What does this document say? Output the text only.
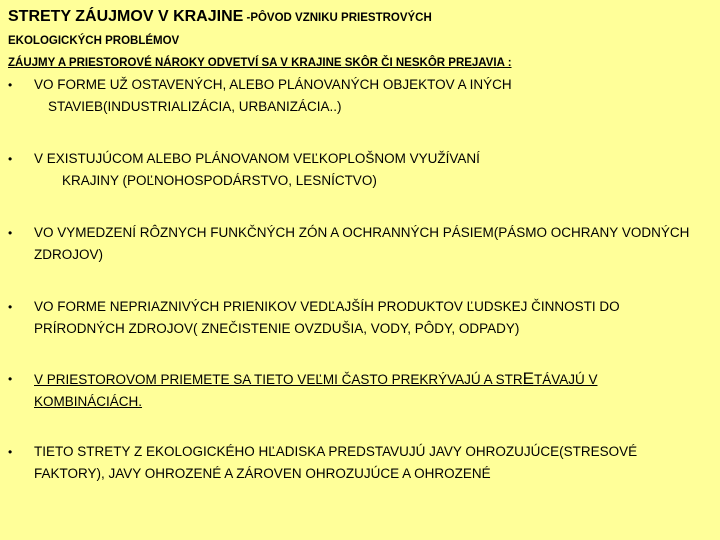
STRETY ZÁUJMOV V KRAJINE -PÔVOD VZNIKU PRIESTROVÝCH
EKOLOGICKÝCH PROBLÉMOV
ZÁUJMY A PRIESTOROVÉ NÁROKY ODVETVÍ SA V KRAJINE SKÔR ČI NESKÔR PREJAVIA :
• VO FORME UŽ OSTAVENÝCH, ALEBO PLÁNOVANÝCH OBJEKTOV A INÝCH
STAVIEB(INDUSTRIALIZÁCIA, URBANIZÁCIA..)
• V EXISTUJÚCOM ALEBO PLÁNOVANOM VEĽKOPLOŠNOM VYUŽÍVANÍ
KRAJINY (POĽNOHOSPODÁRSTVO, LESNÍCTVO)
• VO VYMEDZENÍ RÔZNYCH FUNKČNÝCH ZÓN A OCHRANNÝCH PÁSIEM(PÁSMO OCHRANY VODNÝCH ZDROJOV)
• VO FORME NEPRIAZNIVÝCH PRIENIKOV VEDĽAJŠÍH PRODUKTOV ĽUDSKEJ ČINNOSTI DO PRÍRODNÝCH ZDROJOV( ZNEČISTENIE OVZDUŠIA, VODY, PÔDY, ODPADY)
• V PRIESTOROVOM PRIEMETE SA TIETO VEĽMI ČASTO PREKRÝVAJÚ A STRETÁVAJÚ V KOMBINÁCIÁCH.
• TIETO STRETY Z EKOLOGICKÉHO HĽADISKA PREDSTAVUJÚ JAVY OHROZUJÚCE(STRESOVÉ FAKTORY), JAVY OHROZENÉ A ZÁROVEN OHROZUJÚCE A OHROZENÉ
